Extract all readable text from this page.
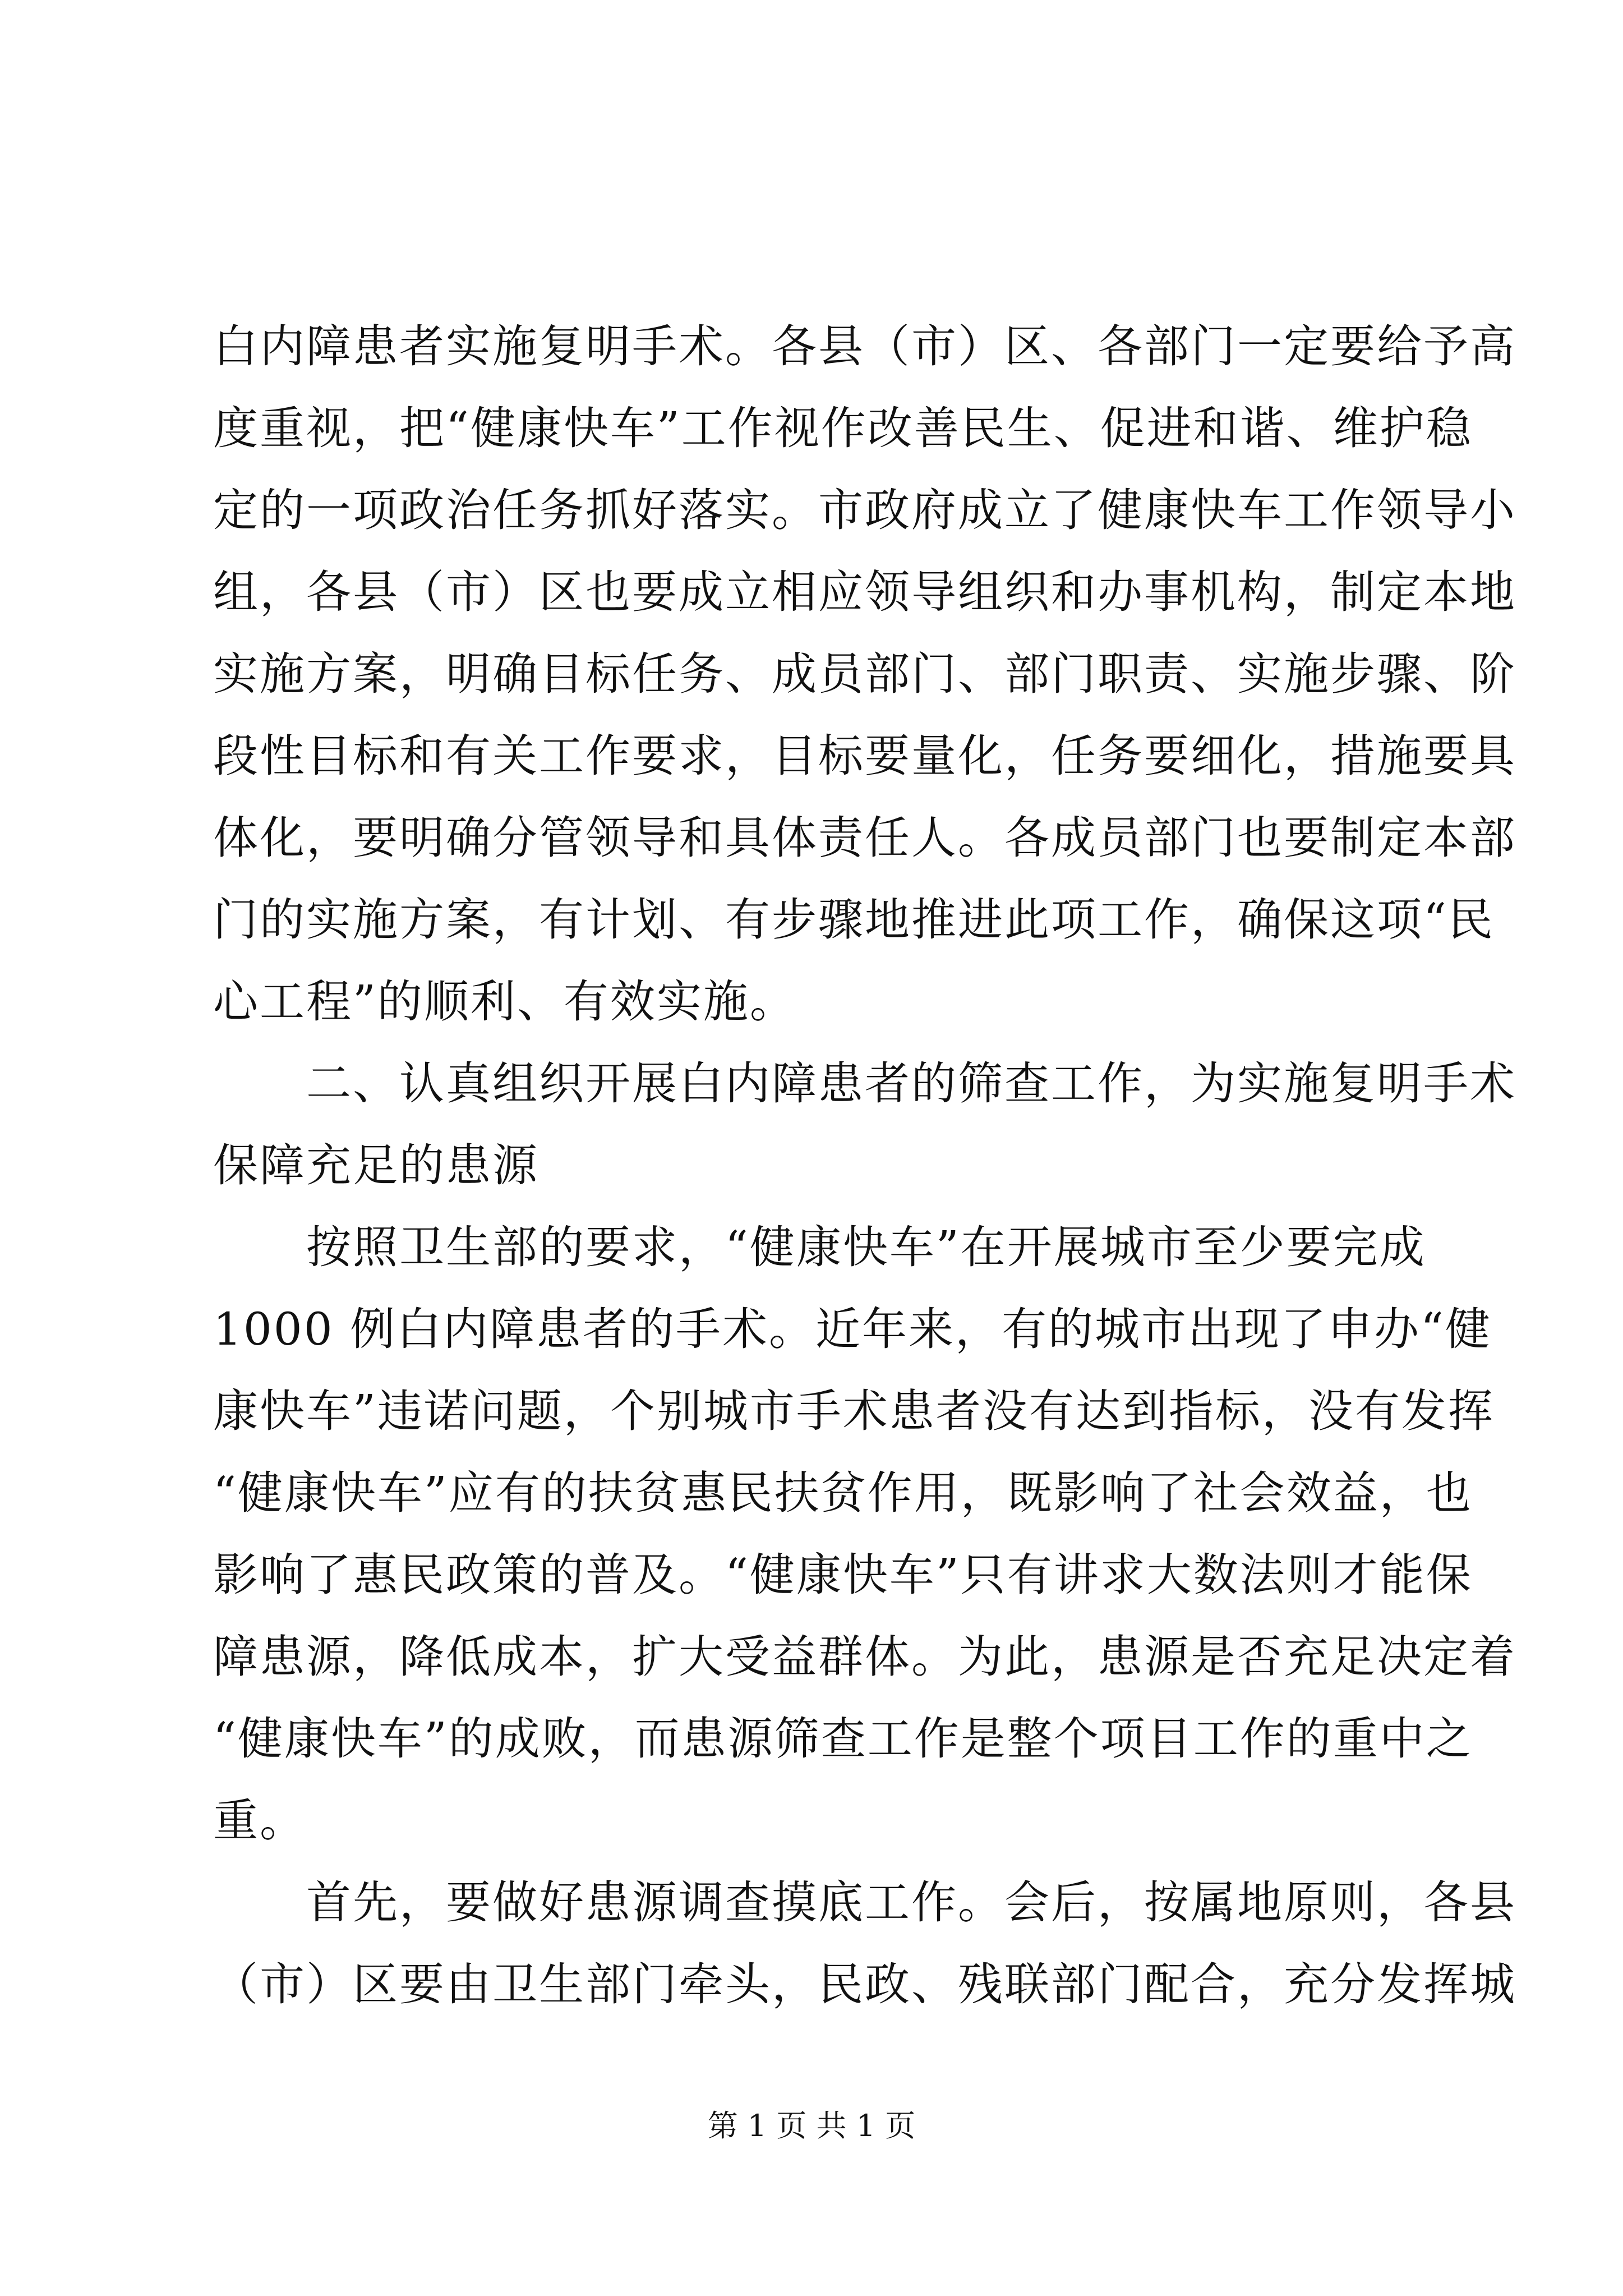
白内障患者实施复明手术。各县（市）区、各部门一定要给予高
度重视，把“健康快车”工作视作改善民生、促进和谐、维护稳
定的一项政治任务抓好落实。市政府成立了健康快车工作领导小
组，各县（市）区也要成立相应领导组织和办事机构，制定本地
实施方案，明确目标任务、成员部门、部门职责、实施步骤、阶
段性目标和有关工作要求，目标要量化，任务要细化，措施要具
体化，要明确分管领导和具体责任人。各成员部门也要制定本部
门的实施方案，有计划、有步骤地推进此项工作，确保这项“民
心工程”的顺利、有效实施。
二、认真组织开展白内障患者的筛查工作，为实施复明手术
保障充足的患源
按照卫生部的要求，“健康快车”在开展城市至少要完成
1000 例白内障患者的手术。近年来，有的城市出现了申办“健
康快车”违诺问题，个别城市手术患者没有达到指标，没有发挥
“健康快车”应有的扶贫惠民扶贫作用，既影响了社会效益，也
影响了惠民政策的普及。“健康快车”只有讲求大数法则才能保
障患源，降低成本，扩大受益群体。为此，患源是否充足决定着
“健康快车”的成败，而患源筛查工作是整个项目工作的重中之
重。
首先，要做好患源调查摸底工作。会后，按属地原则，各县
（市）区要由卫生部门牵头，民政、残联部门配合，充分发挥城
第 1 页 共 1 页
